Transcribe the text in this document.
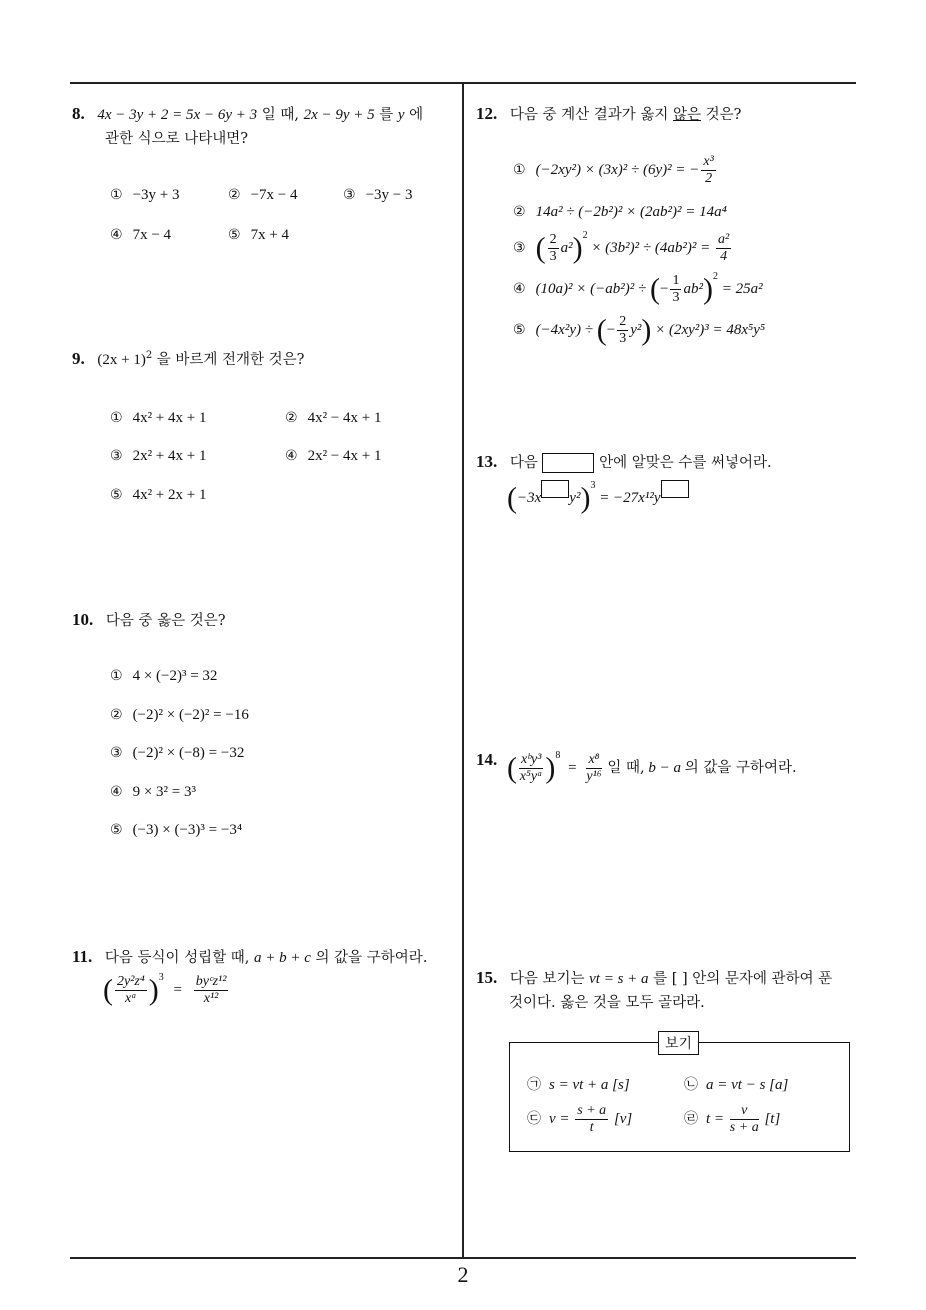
2
8. 4x − 3y + 2 = 5x − 6y + 3 일 때, 2x − 9y + 5 를 y 에
관한 식으로 나타내면?
① −3y + 3	② −7x − 4	③ −3y − 3
④ 7x − 4	⑤ 7x + 4
9. $(2x + 1)^2$ 을 바르게 전개한 것은?
① 4x² + 4x + 1	② 4x² − 4x + 1
③ 2x² + 4x + 1	④ 2x² − 4x + 1
⑤ 4x² + 2x + 1
10. 다음 중 옳은 것은?
① 4 × (−2)³ = 32
② (−2)² × (−2)² = −16
③ (−2)² × (−8) = −32
④ 9 × 3² = 3³
⑤ (−3) × (−3)³ = −3⁴
11. 다음 등식이 성립할 때, a + b + c 의 값을 구하여라.
( $\frac{\text{2y²z⁴}}{\text{xᵃ}} )^3 = \frac{\text{byᶜz¹²}}{\text{x¹²}}$
12. 다음 중 계산 결과가 옳지 않은 것은?
① (−2xy²) × (3x)² ÷ (6y)² = − $\frac{\text{x³}}{2}$
② 14a² ÷ (−2b²)² × (2ab²)² = 14a⁴
③ ( $\frac{2}{3} a^2)^2 \times (3b^2)^2 \div (4ab^2)^2 = \frac{\text{a²}}{4}$
④ (10a)² × (−ab²)² ÷ (− $\frac{1}{3} ab^2)^2 = 25a^2$
⑤ (−4x²y) ÷ (− $\frac{2}{3} y^2) \times (2xy^2)^3 = 48x^5y^5$
13. 다음	안에 알맞은 수를 써넣어라.
(−3x y²)$^3$ = −27x¹²y
14. ( $\frac{\text{xᵇy³}}{\text{x⁵yᵃ}} )^8 = \frac{\text{x⁸}}{\text{y¹⁶}}$ 일 때, b − a 의 값을 구하여라.
15. 다음 보기는 vt = s + a 를 [ ] 안의 문자에 관하여 푼
것이다. 옳은 것을 모두 골라라.
보기
㉠ s = vt + a [s]	㉡ a = vt − s [a]
㉢ $v = \frac{s + a}{t} [v]$	㉣ $t = \frac{v}{s + a} [t]$
